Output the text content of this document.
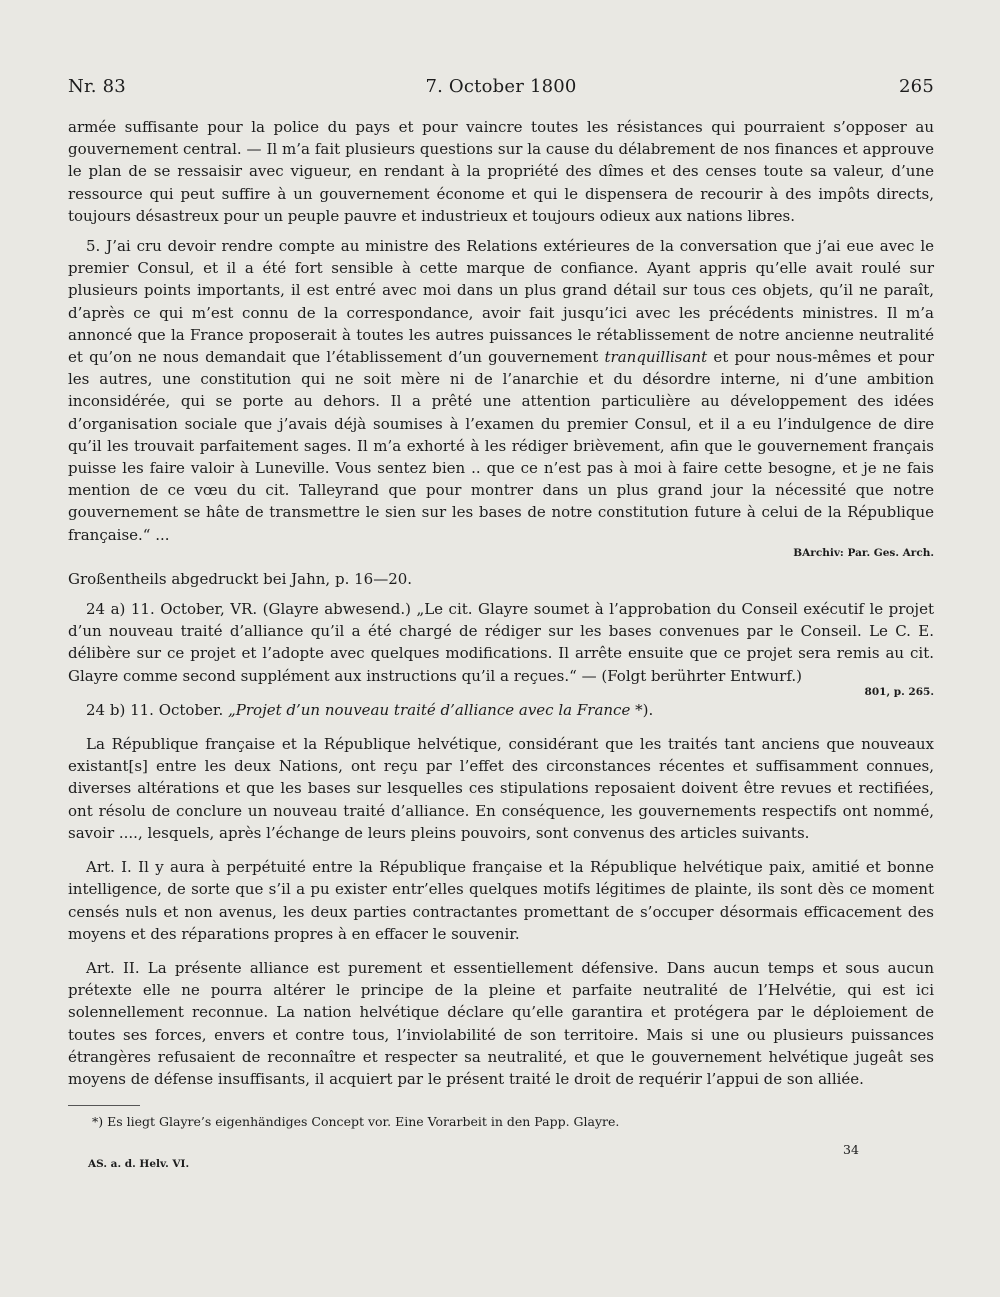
Nr. 83	7. October 1800	265

armée suffisante pour la police du pays et pour vaincre toutes les résistances qui pourraient s’opposer au gouvernement central. — Il m’a fait plusieurs questions sur la cause du délabrement de nos finances et approuve le plan de se ressaisir avec vigueur, en rendant à la propriété des dîmes et des censes toute sa valeur, d’une ressource qui peut suffire à un gouvernement économe et qui le dispensera de recourir à des impôts directs, toujours désastreux pour un peuple pauvre et industrieux et toujours odieux aux nations libres.

5. J’ai cru devoir rendre compte au ministre des Relations extérieures de la conversation que j’ai eue avec le premier Consul, et il a été fort sensible à cette marque de confiance. Ayant appris qu’elle avait roulé sur plusieurs points importants, il est entré avec moi dans un plus grand détail sur tous ces objets, qu’il ne paraît, d’après ce qui m’est connu de la correspondance, avoir fait jusqu’ici avec les précédents ministres. Il m’a annoncé que la France proposerait à toutes les autres puissances le rétablissement de notre ancienne neutralité et qu’on ne nous demandait que l’établissement d’un gouvernement tranquillisant et pour nous-mêmes et pour les autres, une constitution qui ne soit mère ni de l’anarchie et du désordre interne, ni d’une ambition inconsidérée, qui se porte au dehors. Il a prêté une attention particulière au développement des idées d’organisation sociale que j’avais déjà soumises à l’examen du premier Consul, et il a eu l’indulgence de dire qu’il les trouvait parfaitement sages. Il m’a exhorté à les rédiger brièvement, afin que le gouvernement français puisse les faire valoir à Luneville. Vous sentez bien .. que ce n’est pas à moi à faire cette besogne, et je ne fais mention de ce vœu du cit. Talleyrand que pour montrer dans un plus grand jour la nécessité que notre gouvernement se hâte de transmettre le sien sur les bases de notre constitution future à celui de la République française.“ ...

BArchiv: Par. Ges. Arch.

Großentheils abgedruckt bei Jahn, p. 16—20.

24 a) 11. October, VR. (Glayre abwesend.) „Le cit. Glayre soumet à l’approbation du Conseil exécutif le projet d’un nouveau traité d’alliance qu’il a été chargé de rédiger sur les bases convenues par le Conseil. Le C. E. délibère sur ce projet et l’adopte avec quelques modifications. Il arrête ensuite que ce projet sera remis au cit. Glayre comme second supplément aux instructions qu’il a reçues.“ — (Folgt berührter Entwurf.)

801, p. 265.

24 b) 11. October. „Projet d’un nouveau traité d’alliance avec la France *).

La République française et la République helvétique, considérant que les traités tant anciens que nouveaux existant[s] entre les deux Nations, ont reçu par l’effet des circonstances récentes et suffisamment connues, diverses altérations et que les bases sur lesquelles ces stipulations reposaient doivent être revues et rectifiées, ont résolu de conclure un nouveau traité d’alliance. En conséquence, les gouvernements respectifs ont nommé, savoir ...., lesquels, après l’échange de leurs pleins pouvoirs, sont convenus des articles suivants.

Art. I. Il y aura à perpétuité entre la République française et la République helvétique paix, amitié et bonne intelligence, de sorte que s’il a pu exister entr’elles quelques motifs légitimes de plainte, ils sont dès ce moment censés nuls et non avenus, les deux parties contractantes promettant de s’occuper désormais efficacement des moyens et des réparations propres à en effacer le souvenir.

Art. II. La présente alliance est purement et essentiellement défensive. Dans aucun temps et sous aucun prétexte elle ne pourra altérer le principe de la pleine et parfaite neutralité de l’Helvétie, qui est ici solennellement reconnue. La nation helvétique déclare qu’elle garantira et protégera par le déploiement de toutes ses forces, envers et contre tous, l’inviolabilité de son territoire. Mais si une ou plusieurs puissances étrangères refusaient de reconnaître et respecter sa neutralité, et que le gouvernement helvétique jugeât ses moyens de défense insuffisants, il acquiert par le présent traité le droit de requérir l’appui de son alliée.

*) Es liegt Glayre’s eigenhändiges Concept vor. Eine Vorarbeit in den Papp. Glayre.
34
AS. a. d. Helv. VI.
